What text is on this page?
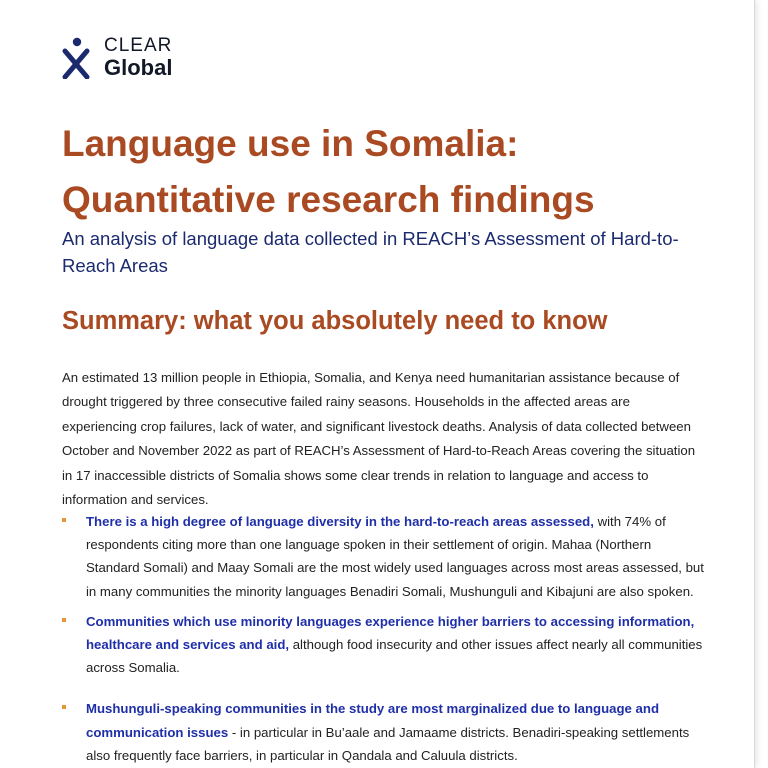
CLEAR
Global
Language use in Somalia:
Quantitative research findings

An analysis of language data collected in REACH’s Assessment of Hard-to-Reach Areas

Summary: what you absolutely need to know

An estimated 13 million people in Ethiopia, Somalia, and Kenya need humanitarian assistance because of drought triggered by three consecutive failed rainy seasons. Households in the affected areas are experiencing crop failures, lack of water, and significant livestock deaths. Analysis of data collected between October and November 2022 as part of REACH’s Assessment of Hard-to-Reach Areas covering the situation in 17 inaccessible districts of Somalia shows some clear trends in relation to language and access to information and services.

There is a high degree of language diversity in the hard-to-reach areas assessed, with 74% of respondents citing more than one language spoken in their settlement of origin. Mahaa (Northern Standard Somali) and Maay Somali are the most widely used languages across most areas assessed, but in many communities the minority languages Benadiri Somali, Mushunguli and Kibajuni are also spoken.
Communities which use minority languages experience higher barriers to accessing information, healthcare and services and aid, although food insecurity and other issues affect nearly all communities across Somalia.
Mushunguli-speaking communities in the study are most marginalized due to language and communication issues - in particular in Bu’aale and Jamaame districts. Benadiri-speaking settlements also frequently face barriers, in particular in Qandala and Caluula districts.
